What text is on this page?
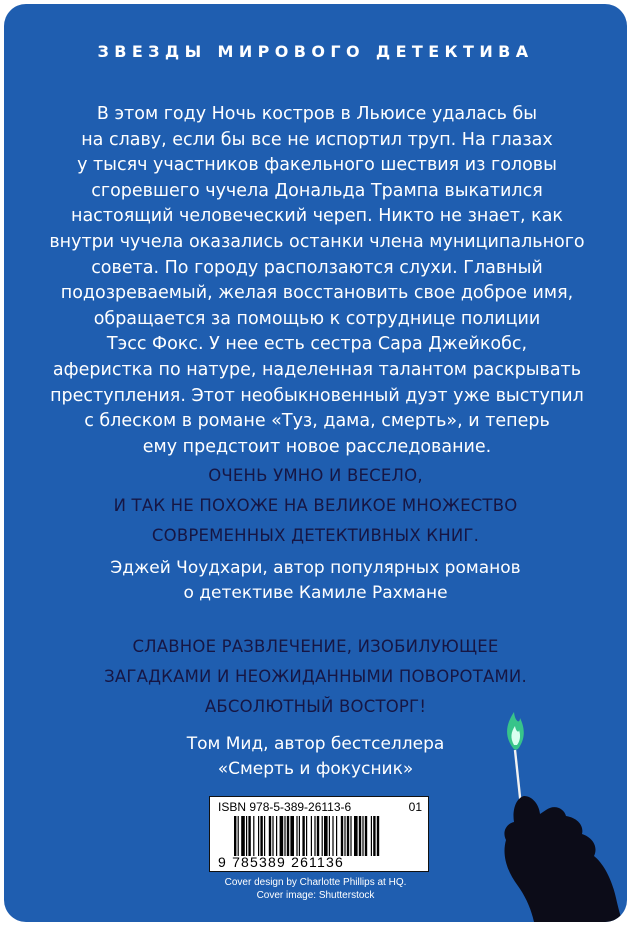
ЗВЕЗДЫ МИРОВОГО ДЕТЕКТИВА

В этом году Ночь костров в Льюисе удалась бы
на славу, если бы все не испортил труп. На глазах
у тысяч участников факельного шествия из головы
сгоревшего чучела Дональда Трампа выкатился
настоящий человеческий череп. Никто не знает, как
внутри чучела оказались останки члена муниципального
совета. По городу расползаются слухи. Главный
подозреваемый, желая восстановить свое доброе имя,
обращается за помощью к сотруднице полиции
Тэсс Фокс. У нее есть сестра Сара Джейкобс,
аферистка по натуре, наделенная талантом раскрывать
преступления. Этот необыкновенный дуэт уже выступил
с блеском в романе «Туз, дама, смерть», и теперь
ему предстоит новое расследование.

ОЧЕНЬ УМНО И ВЕСЕЛО,
И ТАК НЕ ПОХОЖЕ НА ВЕЛИКОЕ МНОЖЕСТВО
СОВРЕМЕННЫХ ДЕТЕКТИВНЫХ КНИГ.

Эджей Чоудхари, автор популярных романов
о детективе Камиле Рахмане

СЛАВНОЕ РАЗВЛЕЧЕНИЕ, ИЗОБИЛУЮЩЕЕ
ЗАГАДКАМИ И НЕОЖИДАННЫМИ ПОВОРОТАМИ.
АБСОЛЮТНЫЙ ВОСТОРГ!

Том Мид, автор бестселлера
«Смерть и фокусник»

ISBN 978-5-389-26113-6	01
9 785389 261136
Cover design by Charlotte Phillips at HQ.
Cover image: Shutterstock
